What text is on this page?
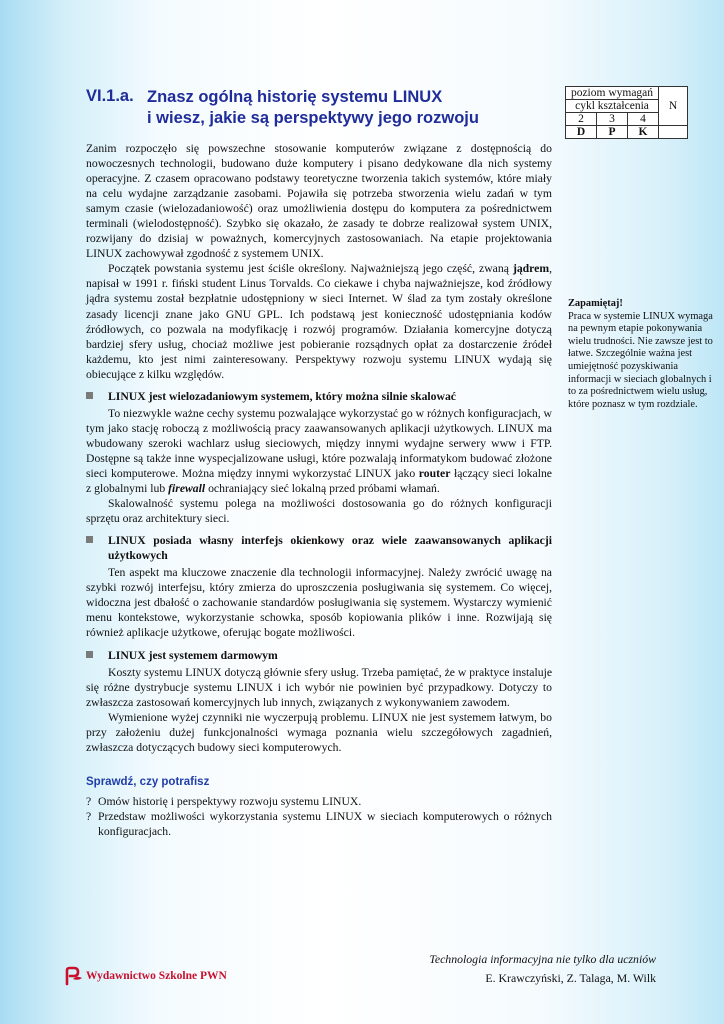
VI.1.a. Znasz ogólną historię systemu LINUX
i wiesz, jakie są perspektywy jego rozwoju
poziom wymagań			N
cykl kształcenia			
2	3	4	
D	P	K	

Zanim rozpoczęło się powszechne stosowanie komputerów związane z dostępnością do nowoczesnych technologii, budowano duże komputery i pisano dedykowane dla nich systemy operacyjne. Z czasem opracowano podstawy teoretyczne tworzenia takich systemów, które miały na celu wydajne zarządzanie zasobami. Pojawiła się potrzeba stworzenia wielu zadań w tym samym czasie (wielozadaniowość) oraz umożliwienia dostępu do komputera za pośrednictwem terminali (wielodostępność). Szybko się okazało, że zasady te dobrze realizował system UNIX, rozwijany do dzisiaj w poważnych, komercyjnych zastosowaniach. Na etapie projektowania LINUX zachowywał zgodność z systemem UNIX.

Początek powstania systemu jest ściśle określony. Najważniejszą jego część, zwaną jądrem, napisał w 1991 r. fiński student Linus Torvalds. Co ciekawe i chyba najważniejsze, kod źródłowy jądra systemu został bezpłatnie udostępniony w sieci Internet. W ślad za tym zostały określone zasady licencji znane jako GNU GPL. Ich podstawą jest konieczność udostępniania kodów źródłowych, co pozwala na modyfikację i rozwój programów. Działania komercyjne dotyczą bardziej sfery usług, chociaż możliwe jest pobieranie rozsądnych opłat za dostarczenie źródeł każdemu, kto jest nimi zainteresowany. Perspektywy rozwoju systemu LINUX wydają się obiecujące z kilku względów.

LINUX jest wielozadaniowym systemem, który można silnie skalować

To niezwykle ważne cechy systemu pozwalające wykorzystać go w różnych konfiguracjach, w tym jako stację roboczą z możliwością pracy zaawansowanych aplikacji użytkowych. LINUX ma wbudowany szeroki wachlarz usług sieciowych, między innymi wydajne serwery www i FTP. Dostępne są także inne wyspecjalizowane usługi, które pozwalają informatykom budować złożone sieci komputerowe. Można między innymi wykorzystać LINUX jako router łączący sieci lokalne z globalnymi lub firewall ochraniający sieć lokalną przed próbami włamań.

Skalowalność systemu polega na możliwości dostosowania go do różnych konfiguracji sprzętu oraz architektury sieci.

LINUX posiada własny interfejs okienkowy oraz wiele zaawansowanych aplikacji użytkowych

Ten aspekt ma kluczowe znaczenie dla technologii informacyjnej. Należy zwrócić uwagę na szybki rozwój interfejsu, który zmierza do uproszczenia posługiwania się systemem. Co więcej, widoczna jest dbałość o zachowanie standardów posługiwania się systemem. Wystarczy wymienić menu kontekstowe, wykorzystanie schowka, sposób kopiowania plików i inne. Rozwijają się również aplikacje użytkowe, oferując bogate możliwości.

LINUX jest systemem darmowym

Koszty systemu LINUX dotyczą głównie sfery usług. Trzeba pamiętać, że w praktyce instaluje się różne dystrybucje systemu LINUX i ich wybór nie powinien być przypadkowy. Dotyczy to zwłaszcza zastosowań komercyjnych lub innych, związanych z wykonywaniem zawodem.

Wymienione wyżej czynniki nie wyczerpują problemu. LINUX nie jest systemem łatwym, bo przy założeniu dużej funkcjonalności wymaga poznania wielu szczegółowych zagadnień, zwłaszcza dotyczących budowy sieci komputerowych.

Zapamiętaj!
Praca w systemie LINUX wymaga na pewnym etapie pokonywania wielu trudności. Nie zawsze jest to łatwe. Szczególnie ważna jest umiejętność pozyskiwania informacji w sieciach globalnych i to za pośrednictwem wielu usług, które poznasz w tym rozdziale.
Sprawdź, czy potrafisz
? Omów historię i perspektywy rozwoju systemu LINUX.
? Przedstaw możliwości wykorzystania systemu LINUX w sieciach komputerowych o różnych konfiguracjach.
Technologia informacyjna nie tylko dla uczniów
E. Krawczyński, Z. Talaga, M. Wilk
Wydawnictwo Szkolne PWN
